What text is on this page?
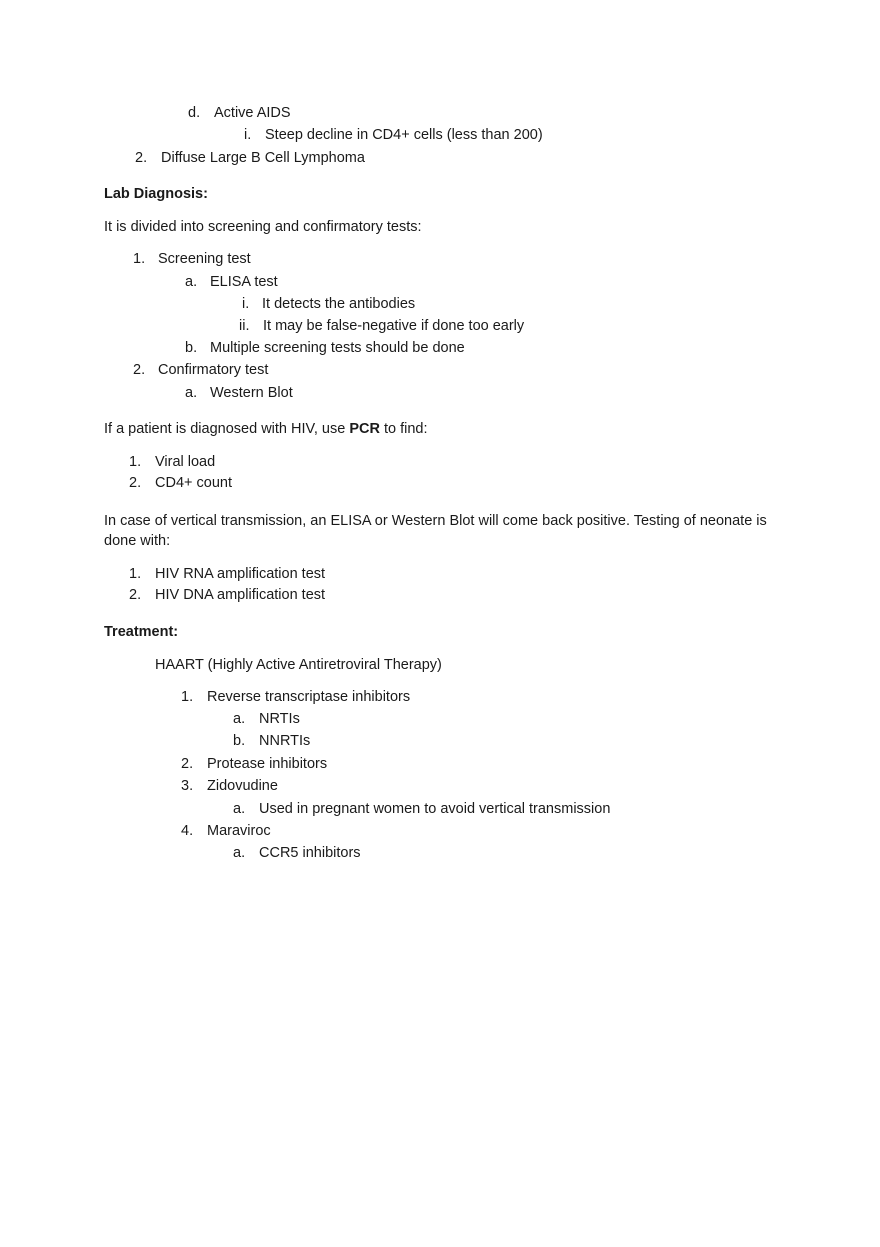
d. Active AIDS
i. Steep decline in CD4+ cells (less than 200)
2. Diffuse Large B Cell Lymphoma
Lab Diagnosis:
It is divided into screening and confirmatory tests:
1. Screening test
a. ELISA test
i. It detects the antibodies
ii. It may be false-negative if done too early
b. Multiple screening tests should be done
2. Confirmatory test
a. Western Blot
If a patient is diagnosed with HIV, use PCR to find:
1. Viral load
2. CD4+ count
In case of vertical transmission, an ELISA or Western Blot will come back positive. Testing of neonate is done with:
1. HIV RNA amplification test
2. HIV DNA amplification test
Treatment:
HAART (Highly Active Antiretroviral Therapy)
1. Reverse transcriptase inhibitors
a. NRTIs
b. NNRTIs
2. Protease inhibitors
3. Zidovudine
a. Used in pregnant women to avoid vertical transmission
4. Maraviroc
a. CCR5 inhibitors
